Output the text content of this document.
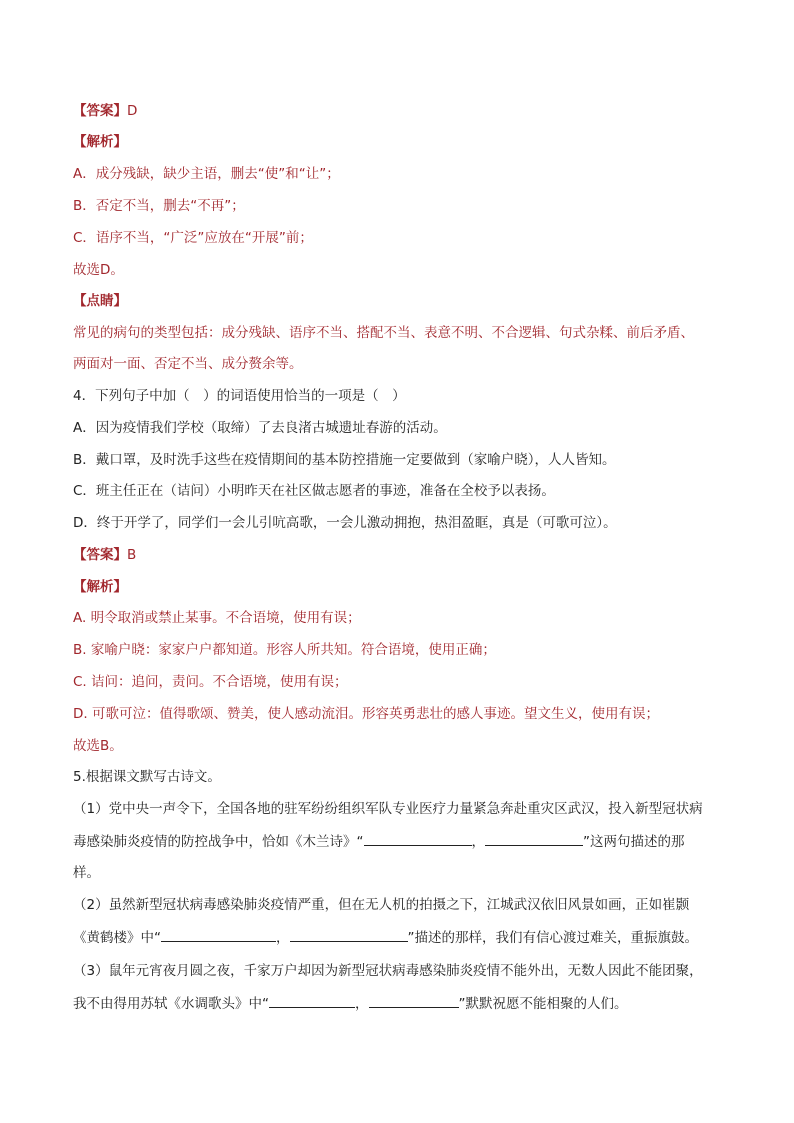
【答案】D
【解析】
A．成分残缺，缺少主语，删去“使”和“让”；
B．否定不当，删去“不再”；
C．语序不当，“广泛”应放在“开展”前；
故选D。
【点睛】
常见的病句的类型包括：成分残缺、语序不当、搭配不当、表意不明、不合逻辑、句式杂糅、前后矛盾、
两面对一面、否定不当、成分赘余等。
4．下列句子中加（　）的词语使用恰当的一项是（　）
A．因为疫情我们学校（取缔）了去良渚古城遗址春游的活动。
B．戴口罩，及时洗手这些在疫情期间的基本防控措施一定要做到（家喻户晓），人人皆知。
C．班主任正在（诘问）小明昨天在社区做志愿者的事迹，准备在全校予以表扬。
D．终于开学了，同学们一会儿引吭高歌，一会儿激动拥抱，热泪盈眶，真是（可歌可泣）。
【答案】B
【解析】
A. 明令取消或禁止某事。不合语境，使用有误；
B. 家喻户晓：家家户户都知道。形容人所共知。符合语境，使用正确；
C. 诘问：追问，责问。不合语境，使用有误；
D. 可歌可泣：值得歌颂、赞美，使人感动流泪。形容英勇悲壮的感人事迹。望文生义，使用有误；
故选B。
5.根据课文默写古诗文。
（1）党中央一声令下，全国各地的驻军纷纷组织军队专业医疗力量紧急奔赴重灾区武汉，投入新型冠状病
毒感染肺炎疫情的防控战争中，恰如《木兰诗》“	，	”这两句描述的那
样。
（2）虽然新型冠状病毒感染肺炎疫情严重，但在无人机的拍摄之下，江城武汉依旧风景如画，正如崔颢
《黄鹤楼》中“	，	”描述的那样，我们有信心渡过难关，重振旗鼓。
（3）鼠年元宵夜月圆之夜，千家万户却因为新型冠状病毒感染肺炎疫情不能外出，无数人因此不能团聚，
我不由得用苏轼《水调歌头》中“	，	”默默祝愿不能相聚的人们。
